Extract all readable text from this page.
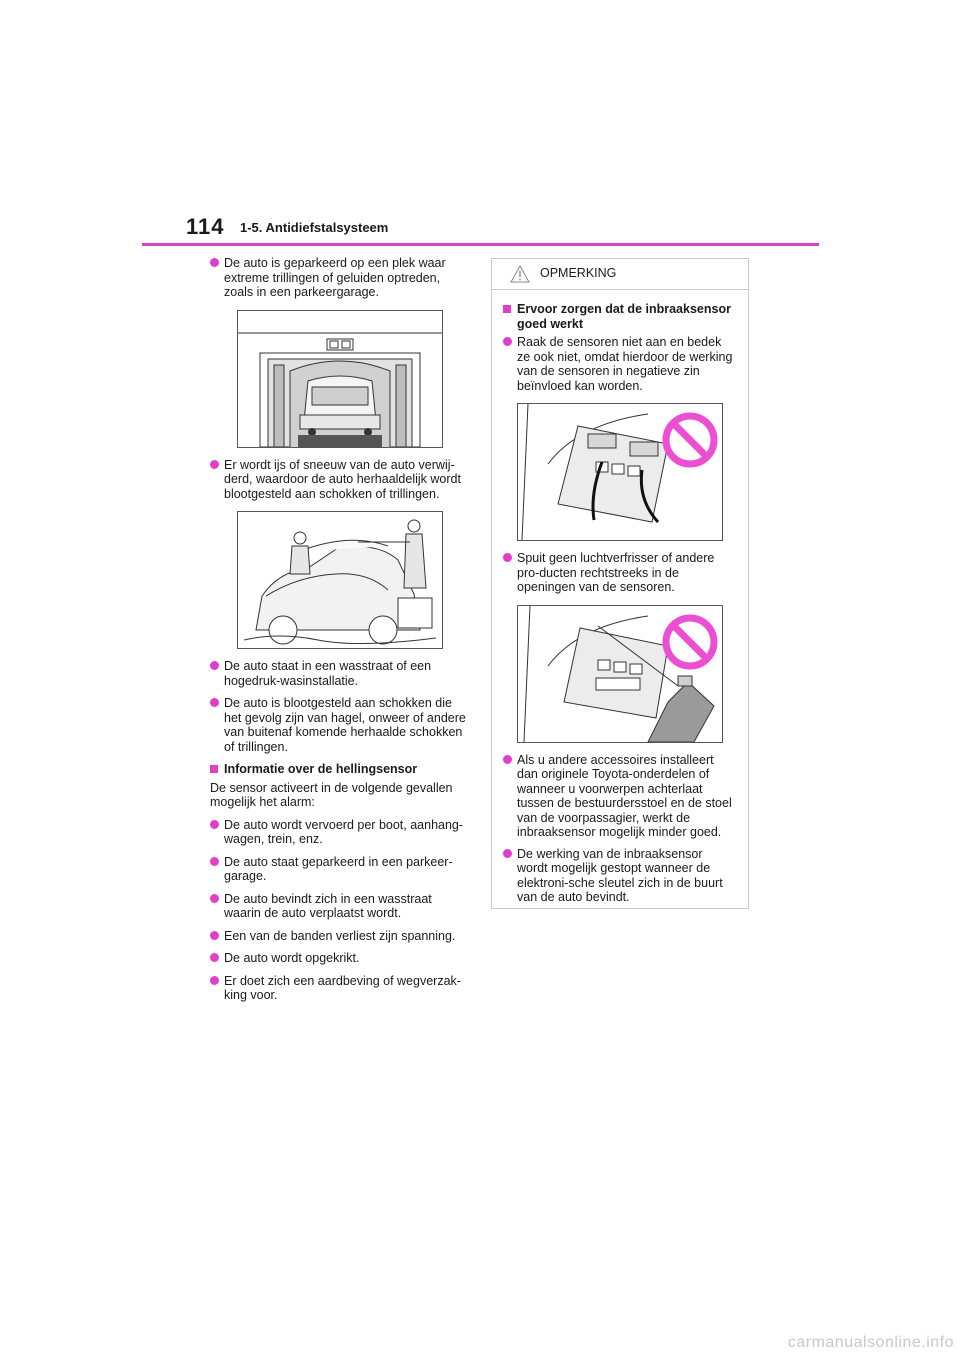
114 1-5. Antidiefstalsysteem
De auto is geparkeerd op een plek waar extreme trillingen of geluiden optreden, zoals in een parkeergarage.
Er wordt ijs of sneeuw van de auto verwij-derd, waardoor de auto herhaaldelijk wordt blootgesteld aan schokken of trillingen.
De auto staat in een wasstraat of een hogedruk-wasinstallatie.
De auto is blootgesteld aan schokken die het gevolg zijn van hagel, onweer of andere van buitenaf komende herhaalde schokken of trillingen.
Informatie over de hellingsensor
De sensor activeert in de volgende gevallen mogelijk het alarm:
De auto wordt vervoerd per boot, aanhang-wagen, trein, enz.
De auto staat geparkeerd in een parkeer-garage.
De auto bevindt zich in een wasstraat waarin de auto verplaatst wordt.
Een van de banden verliest zijn spanning.
De auto wordt opgekrikt.
Er doet zich een aardbeving of wegverzak-king voor.
OPMERKING
Ervoor zorgen dat de inbraaksensor goed werkt
Raak de sensoren niet aan en bedek ze ook niet, omdat hierdoor de werking van de sensoren in negatieve zin beïnvloed kan worden.
Spuit geen luchtverfrisser of andere pro-ducten rechtstreeks in de openingen van de sensoren.
Als u andere accessoires installeert dan originele Toyota-onderdelen of wanneer u voorwerpen achterlaat tussen de bestuurdersstoel en de stoel van de voorpassagier, werkt de inbraaksensor mogelijk minder goed.
De werking van de inbraaksensor wordt mogelijk gestopt wanneer de elektroni-sche sleutel zich in de buurt van de auto bevindt.
carmanualsonline.info
